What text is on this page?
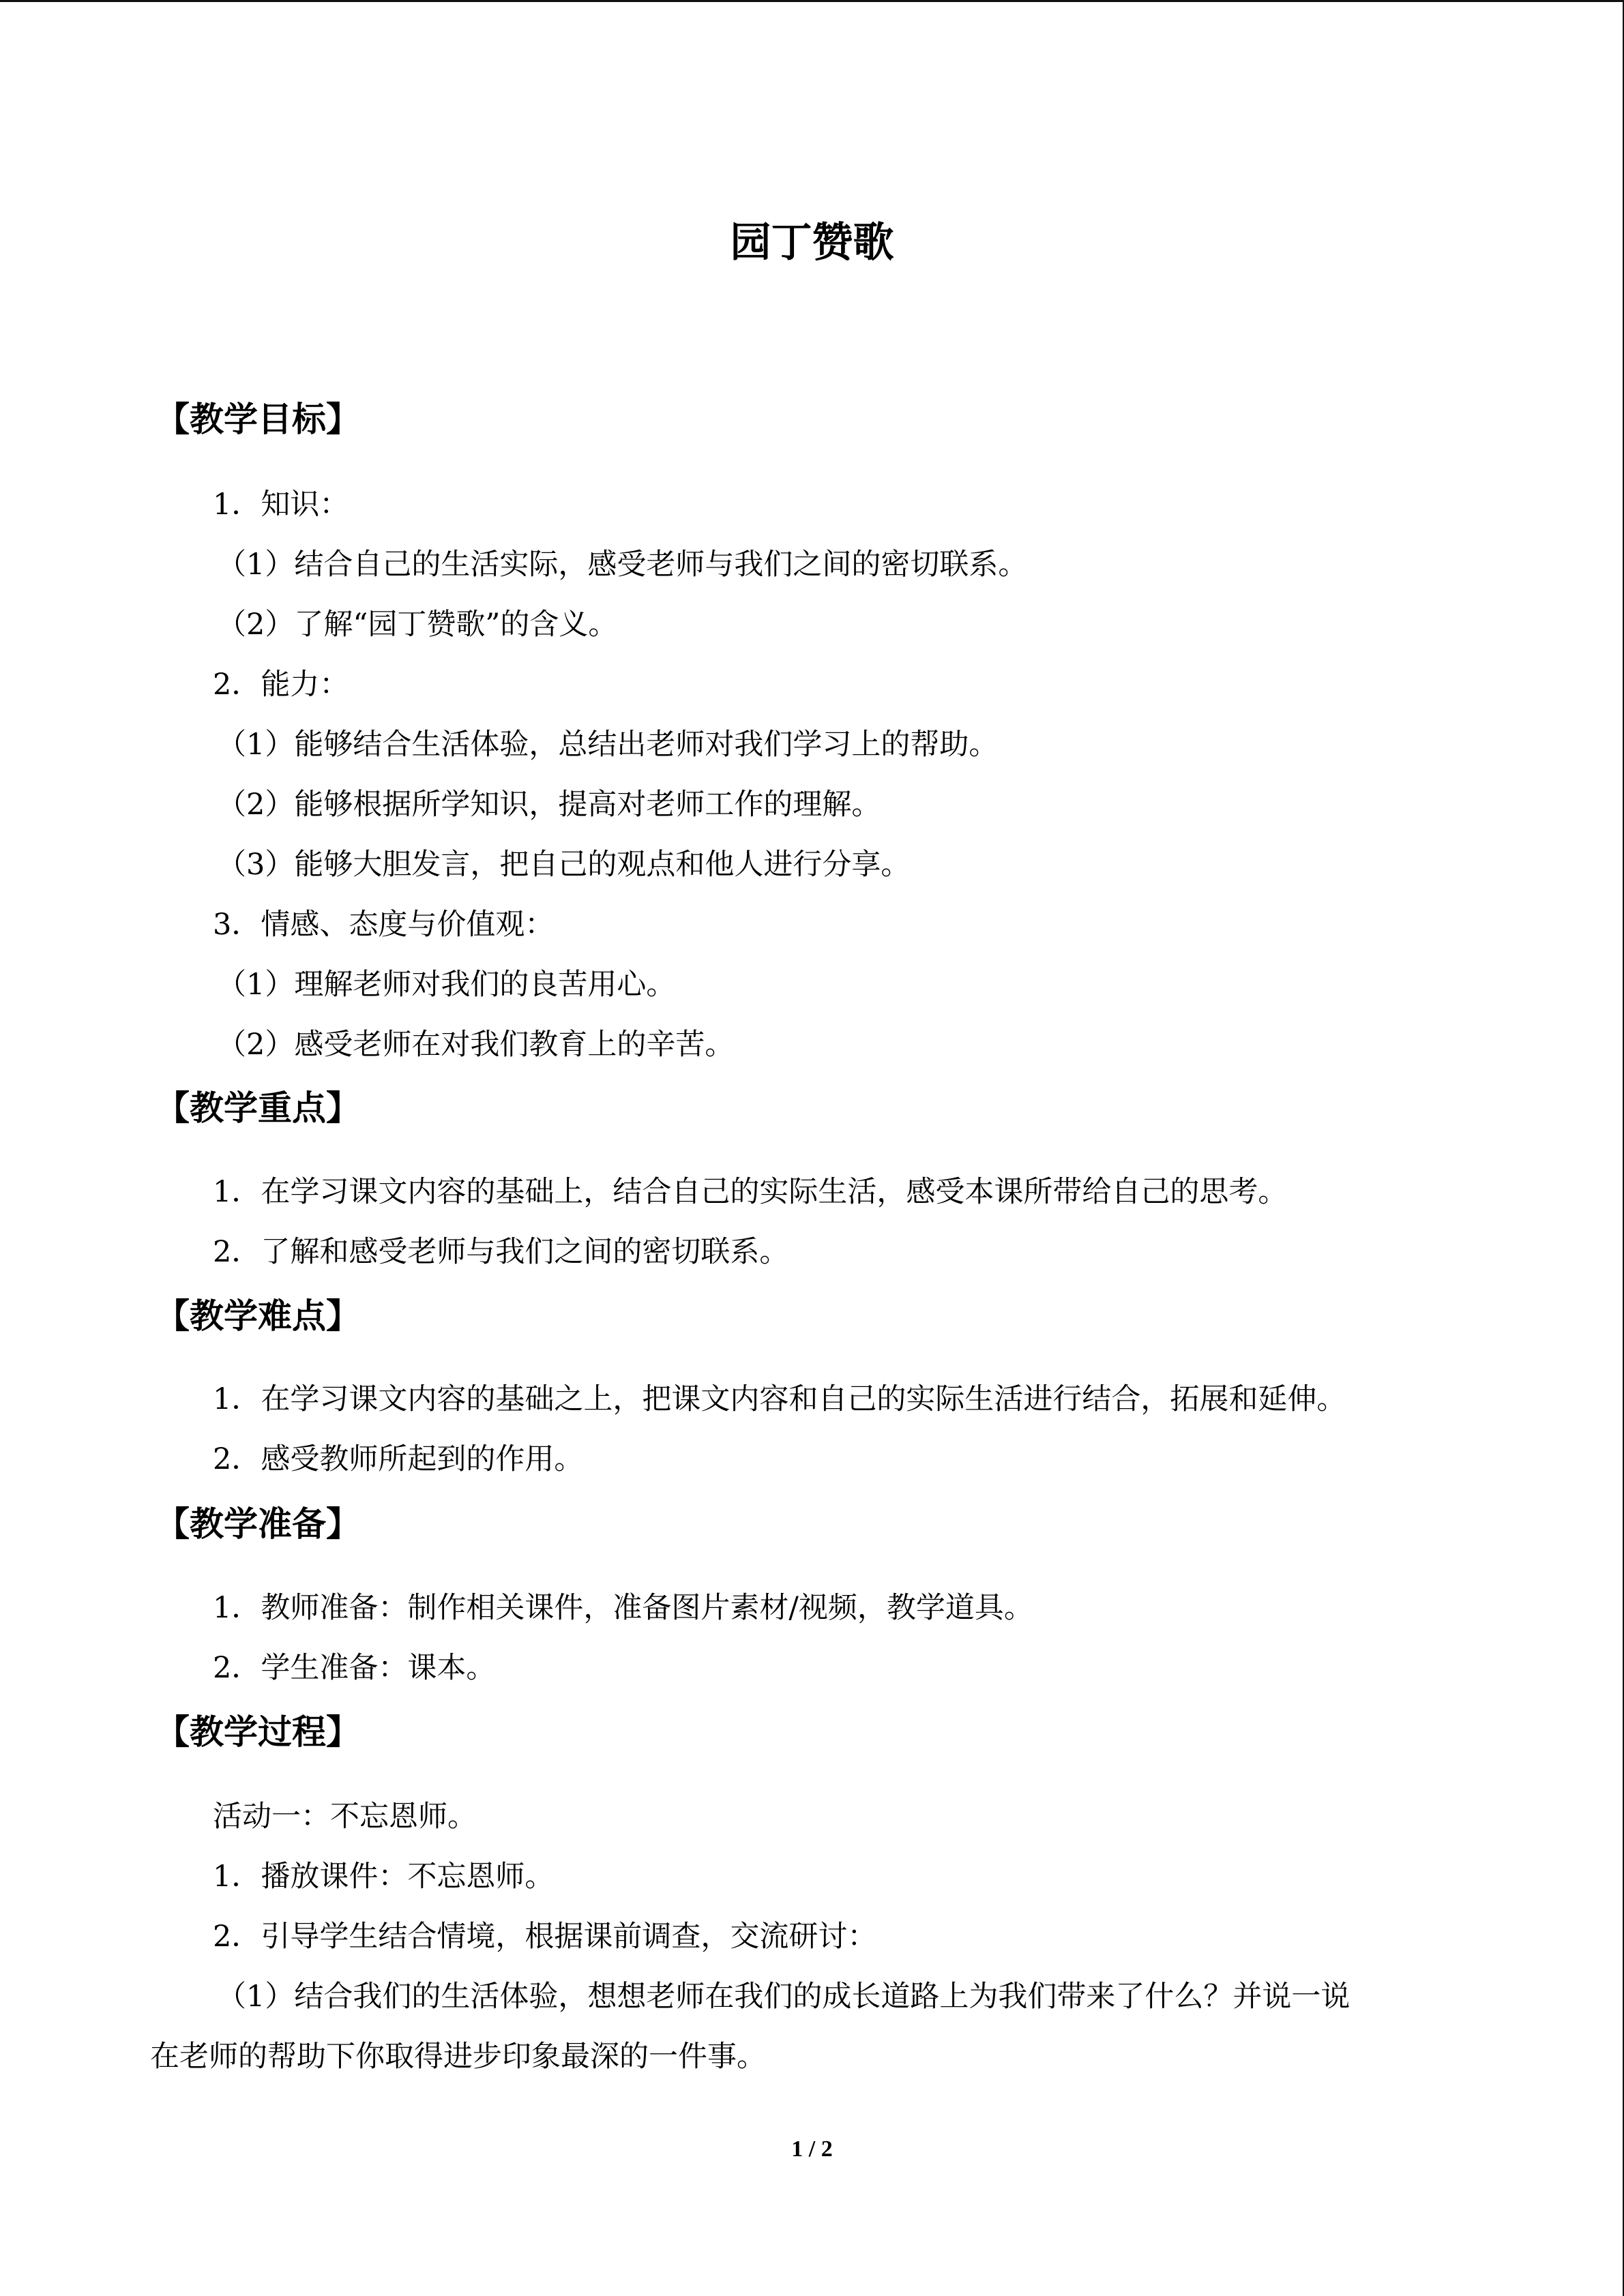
园丁赞歌
【教学目标】
1．知识：
（1）结合自己的生活实际，感受老师与我们之间的密切联系。
（2）了解“园丁赞歌”的含义。
2．能力：
（1）能够结合生活体验，总结出老师对我们学习上的帮助。
（2）能够根据所学知识，提高对老师工作的理解。
（3）能够大胆发言，把自己的观点和他人进行分享。
3．情感、态度与价值观：
（1）理解老师对我们的良苦用心。
（2）感受老师在对我们教育上的辛苦。
【教学重点】
1．在学习课文内容的基础上，结合自己的实际生活，感受本课所带给自己的思考。
2．了解和感受老师与我们之间的密切联系。
【教学难点】
1．在学习课文内容的基础之上，把课文内容和自己的实际生活进行结合，拓展和延伸。
2．感受教师所起到的作用。
【教学准备】
1．教师准备：制作相关课件，准备图片素材/视频，教学道具。
2．学生准备：课本。
【教学过程】
活动一：不忘恩师。
1．播放课件：不忘恩师。
2．引导学生结合情境，根据课前调查，交流研讨：
（1）结合我们的生活体验，想想老师在我们的成长道路上为我们带来了什么？并说一说
在老师的帮助下你取得进步印象最深的一件事。
1 / 2
